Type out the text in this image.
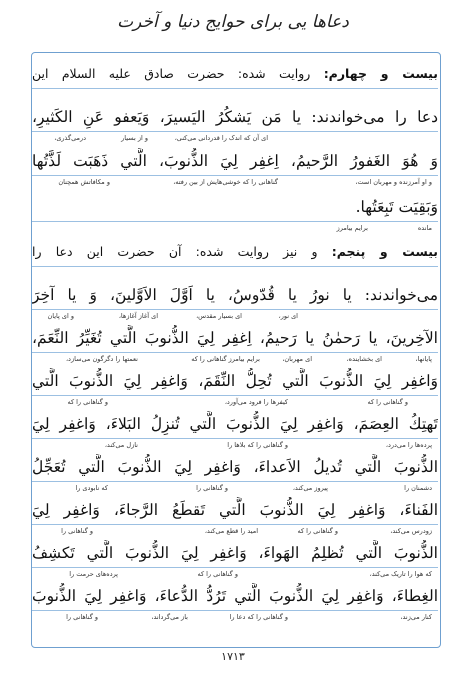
دعاها یی برای حوایج دنیا و آخرت
بیست و چهارم: روایت شده: حضرت صادق عليه السلام این
دعا را می‌خواندند: يا مَن يَشكُرُ اليَسيرَ، وَيَعفو عَنِ الكَثيرِ،
ای آن که اندک را قدردانی می‌کنی،
و از بسیار
درمی‌گذری،
وَ هُوَ الغَفورُ الرَّحيمُ، اِغفِر لِيَ الذُّنوبَ، الَّتي ذَهَبَت لَذَّتُها
و او آمرزنده و مهربان است،
گناهانی را که خوشی‌هایش از بین رفته،
و مکافاتش همچنان
وَبَقِيَت تَبِعَتُها.
برایم بیامرز	مانده
بیست و پنجم: و نیز روایت شده: آن حضرت این دعا را
می‌خواندند: يا نورُ يا قُدّوسُ، يا اَوَّلَ الاَوَّلينَ، وَ يا آخِرَ
ای نور،
ای بسیار مقدس،
ای آغاز آغازها،
و ای پایان
الآخِرينَ، يا رَحمٰنُ يا رَحيمُ، اِغفِر لِيَ الذُّنوبَ الَّتي تُغَيِّرُ النِّعَمَ،
پایانها،
ای بخشاینده،
ای مهربان،
برایم بیامرز گناهانی را که
نعمتها را دگرگون می‌سازد،
وَاغفِر لِيَ الذُّنوبَ الَّتي تُحِلُّ النِّقَمَ، وَاغفِر لِيَ الذُّنوبَ الَّتي
و گناهانی را که
کیفرها را فرود می‌آورد،
و گناهانی را که
تَهتِكُ العِصَمَ، وَاغفِر لِيَ الذُّنوبَ الَّتي تُنزِلُ البَلاءَ، وَاغفِر لِيَ
پرده‌ها را می‌درد،
و گناهانی را که بلاها را
نازل می‌کند،
الذُّنوبَ الَّتي تُديلُ الاَعداءَ، وَاغفِر لِيَ الذُّنوبَ الَّتي تُعَجِّلُ
دشمنان را
پیروز می‌کند،
و گناهانی را
که نابودی را
الفَناءَ، وَاغفِر لِيَ الذُّنوبَ الَّتي تَقطَعُ الرَّجاءَ، وَاغفِر لِيَ
زودرس می‌کند،
و گناهانی را که
امید را قطع می‌کند،
و گناهانی را
الذُّنوبَ الَّتي تُظلِمُ الهَواءَ، وَاغفِر لِيَ الذُّنوبَ الَّتي تَكشِفُ
که هوا را تاریک می‌کند،
و گناهانی را که
پرده‌های حرمت را
الغِطاءَ، وَاغفِر لِيَ الذُّنوبَ الَّتي تَرُدُّ الدُّعاءَ، وَاغفِر لِيَ الذُّنوبَ
کنار می‌زند،
و گناهانی را که دعا را
باز می‌گرداند،
و گناهانی را
۱۷۱۳
